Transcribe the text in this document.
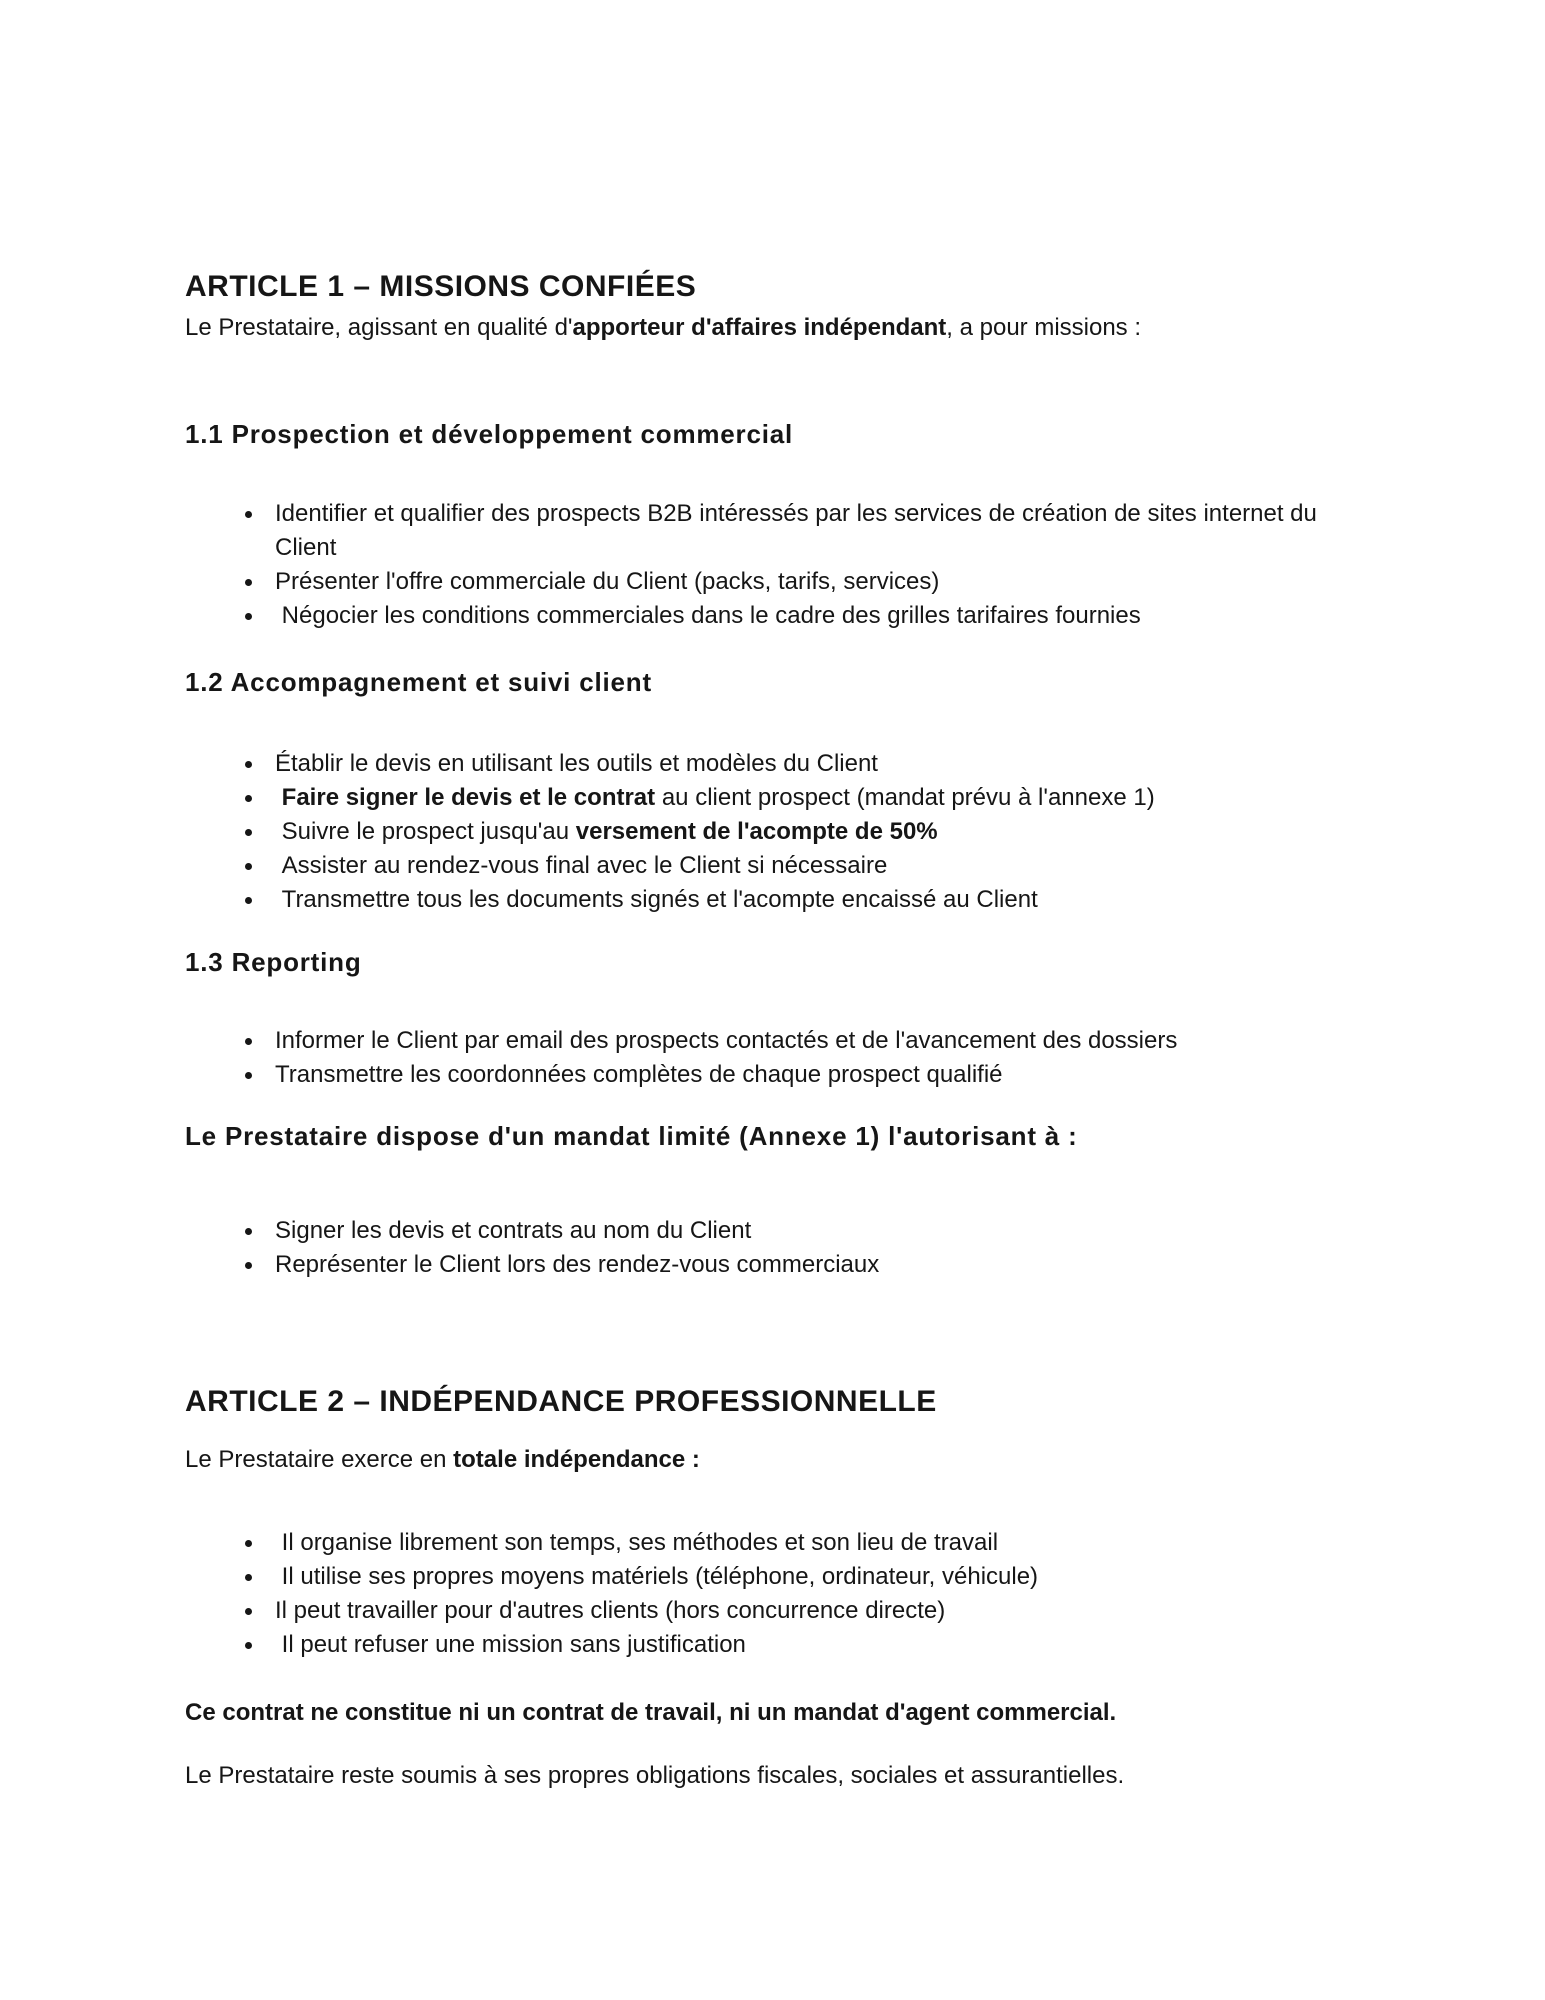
ARTICLE 1 – MISSIONS CONFIÉES

Le Prestataire, agissant en qualité d'apporteur d'affaires indépendant, a pour missions :

1.1 Prospection et développement commercial
Identifier et qualifier des prospects B2B intéressés par les services de création de sites internet du Client
Présenter l'offre commerciale du Client (packs, tarifs, services)
Négocier les conditions commerciales dans le cadre des grilles tarifaires fournies
1.2 Accompagnement et suivi client
Établir le devis en utilisant les outils et modèles du Client
Faire signer le devis et le contrat au client prospect (mandat prévu à l'annexe 1)
Suivre le prospect jusqu'au versement de l'acompte de 50%
Assister au rendez-vous final avec le Client si nécessaire
Transmettre tous les documents signés et l'acompte encaissé au Client
1.3 Reporting
Informer le Client par email des prospects contactés et de l'avancement des dossiers
Transmettre les coordonnées complètes de chaque prospect qualifié

Le Prestataire dispose d'un mandat limité (Annexe 1) l'autorisant à :

Signer les devis et contrats au nom du Client
Représenter le Client lors des rendez-vous commerciaux
ARTICLE 2 – INDÉPENDANCE PROFESSIONNELLE

Le Prestataire exerce en totale indépendance :

Il organise librement son temps, ses méthodes et son lieu de travail
Il utilise ses propres moyens matériels (téléphone, ordinateur, véhicule)
Il peut travailler pour d'autres clients (hors concurrence directe)
Il peut refuser une mission sans justification

Ce contrat ne constitue ni un contrat de travail, ni un mandat d'agent commercial.

Le Prestataire reste soumis à ses propres obligations fiscales, sociales et assurantielles.
